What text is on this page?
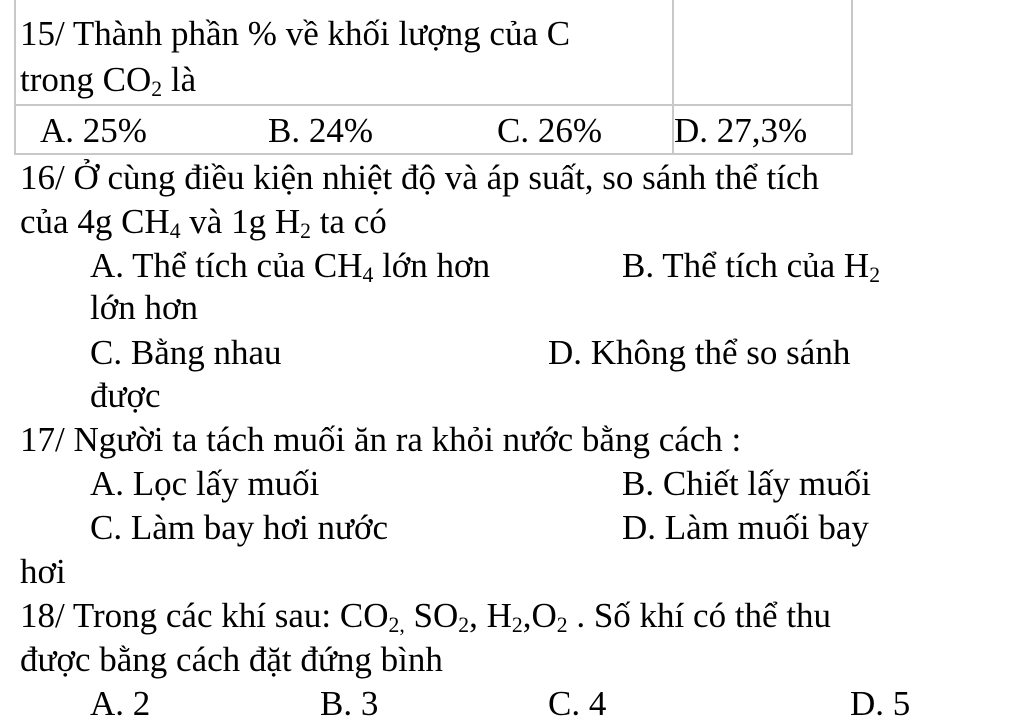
15/ Thành phần % về khối lượng của C
trong $CO_2$ là
A. 25%	B. 24%	C. 26% D. 27,3%
16/ Ở cùng điều kiện nhiệt độ và áp suất, so sánh thể tích
của 4g $CH_4$ và 1g $H_2$ ta có
A. Thể tích của $CH_4$ lớn hơn	B. Thể tích của $H_2$
lớn hơn
C. Bằng nhau	D. Không thể so sánh
được
17/ Người ta tách muối ăn ra khỏi nước bằng cách :
A. Lọc lấy muối	B. Chiết lấy muối
C. Làm bay hơi nước	D. Làm muối bay
hơi
18/ Trong các khí sau: $CO_{2,}$ $SO_2$, $H_2,O_2$ . Số khí có thể thu
được bằng cách đặt đứng bình
A. 2	B. 3	C. 4	D. 5
